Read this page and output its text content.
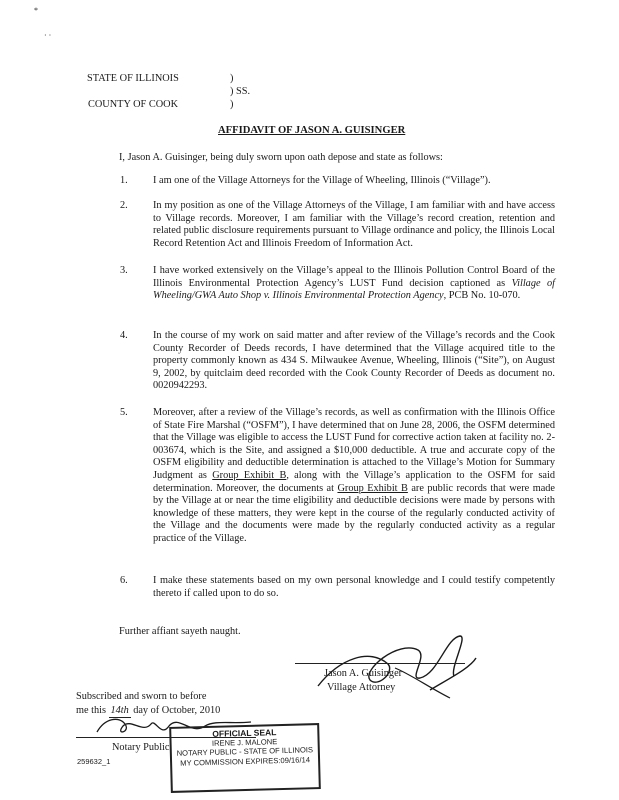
*
· ·
STATE OF ILLINOIS
COUNTY OF COOK
)
) SS.
)
AFFIDAVIT OF JASON A. GUISINGER
I, Jason A. Guisinger, being duly sworn upon oath depose and state as follows:
1. I am one of the Village Attorneys for the Village of Wheeling, Illinois (“Village”).
2. In my position as one of the Village Attorneys of the Village, I am familiar with and have access to Village records. Moreover, I am familiar with the Village’s record creation, retention and related public disclosure requirements pursuant to Village ordinance and policy, the Illinois Local Record Retention Act and Illinois Freedom of Information Act.
3. I have worked extensively on the Village’s appeal to the Illinois Pollution Control Board of the Illinois Environmental Protection Agency’s LUST Fund decision captioned as Village of Wheeling/GWA Auto Shop v. Illinois Environmental Protection Agency, PCB No. 10-070.
4. In the course of my work on said matter and after review of the Village’s records and the Cook County Recorder of Deeds records, I have determined that the Village acquired title to the property commonly known as 434 S. Milwaukee Avenue, Wheeling, Illinois (“Site”), on August 9, 2002, by quitclaim deed recorded with the Cook County Recorder of Deeds as document no. 0020942293.
5. Moreover, after a review of the Village’s records, as well as confirmation with the Illinois Office of State Fire Marshal (“OSFM”), I have determined that on June 28, 2006, the OSFM determined that the Village was eligible to access the LUST Fund for corrective action taken at facility no. 2-003674, which is the Site, and assigned a $10,000 deductible. A true and accurate copy of the OSFM eligibility and deductible determination is attached to the Village’s Motion for Summary Judgment as Group Exhibit B, along with the Village’s application to the OSFM for said determination. Moreover, the documents at Group Exhibit B are public records that were made by the Village at or near the time eligibility and deductible decisions were made by persons with knowledge of these matters, they were kept in the course of the regularly conducted activity of the Village and the documents were made by the regularly conducted activity as a regular practice of the Village.
6. I make these statements based on my own personal knowledge and I could testify competently thereto if called upon to do so.
Further affiant sayeth naught.
Jason A. Guisinger
Village Attorney
Subscribed and sworn to before
me this 14th day of October, 2010
Notary Public
259632_1
OFFICIAL SEAL
IRENE J. MALONE
NOTARY PUBLIC - STATE OF ILLINOIS
MY COMMISSION EXPIRES:09/16/14
